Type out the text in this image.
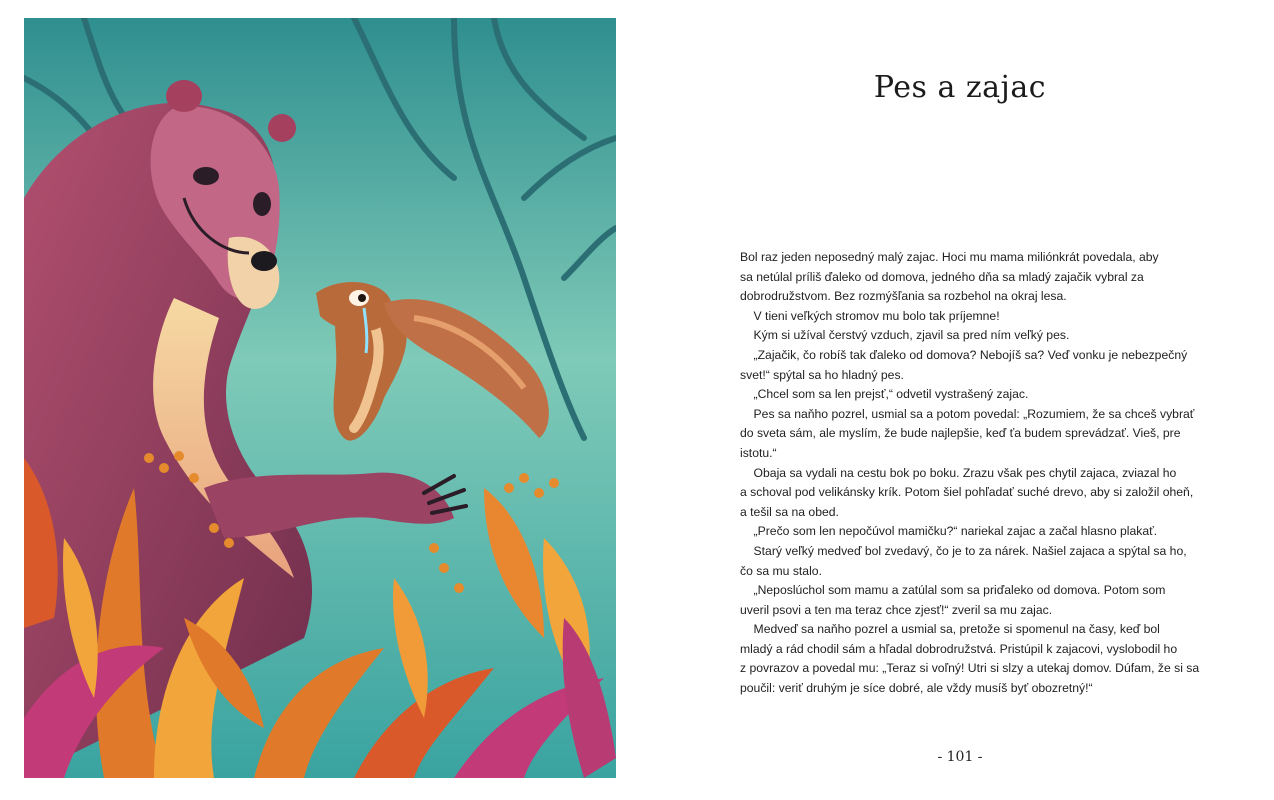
Pes a zajac

Bol raz jeden neposedný malý zajac. Hoci mu mama miliónkrát povedala, aby

sa netúlal príliš ďaleko od domova, jedného dňa sa mladý zajačik vybral za

dobrodružstvom. Bez rozmýšľania sa rozbehol na okraj lesa.

V tieni veľkých stromov mu bolo tak príjemne!

Kým si užíval čerstvý vzduch, zjavil sa pred ním veľký pes.

„Zajačik, čo robíš tak ďaleko od domova? Nebojíš sa? Veď vonku je nebezpečný

svet!“ spýtal sa ho hladný pes.

„Chcel som sa len prejsť,“ odvetil vystrašený zajac.

Pes sa naňho pozrel, usmial sa a potom povedal: „Rozumiem, že sa chceš vybrať

do sveta sám, ale myslím, že bude najlepšie, keď ťa budem sprevádzať. Vieš, pre

istotu.“

Obaja sa vydali na cestu bok po boku. Zrazu však pes chytil zajaca, zviazal ho

a schoval pod velikánsky krík. Potom šiel pohľadať suché drevo, aby si založil oheň,

a tešil sa na obed.

„Prečo som len nepočúvol mamičku?“ nariekal zajac a začal hlasno plakať.

Starý veľký medveď bol zvedavý, čo je to za nárek. Našiel zajaca a spýtal sa ho,

čo sa mu stalo.

„Neposlúchol som mamu a zatúlal som sa priďaleko od domova. Potom som

uveril psovi a ten ma teraz chce zjesť!“ zveril sa mu zajac.

Medveď sa naňho pozrel a usmial sa, pretože si spomenul na časy, keď bol

mladý a rád chodil sám a hľadal dobrodružstvá. Pristúpil k zajacovi, vyslobodil ho

z povrazov a povedal mu: „Teraz si voľný! Utri si slzy a utekaj domov. Dúfam, že si sa

poučil: veriť druhým je síce dobré, ale vždy musíš byť obozretný!“

- 101 -
